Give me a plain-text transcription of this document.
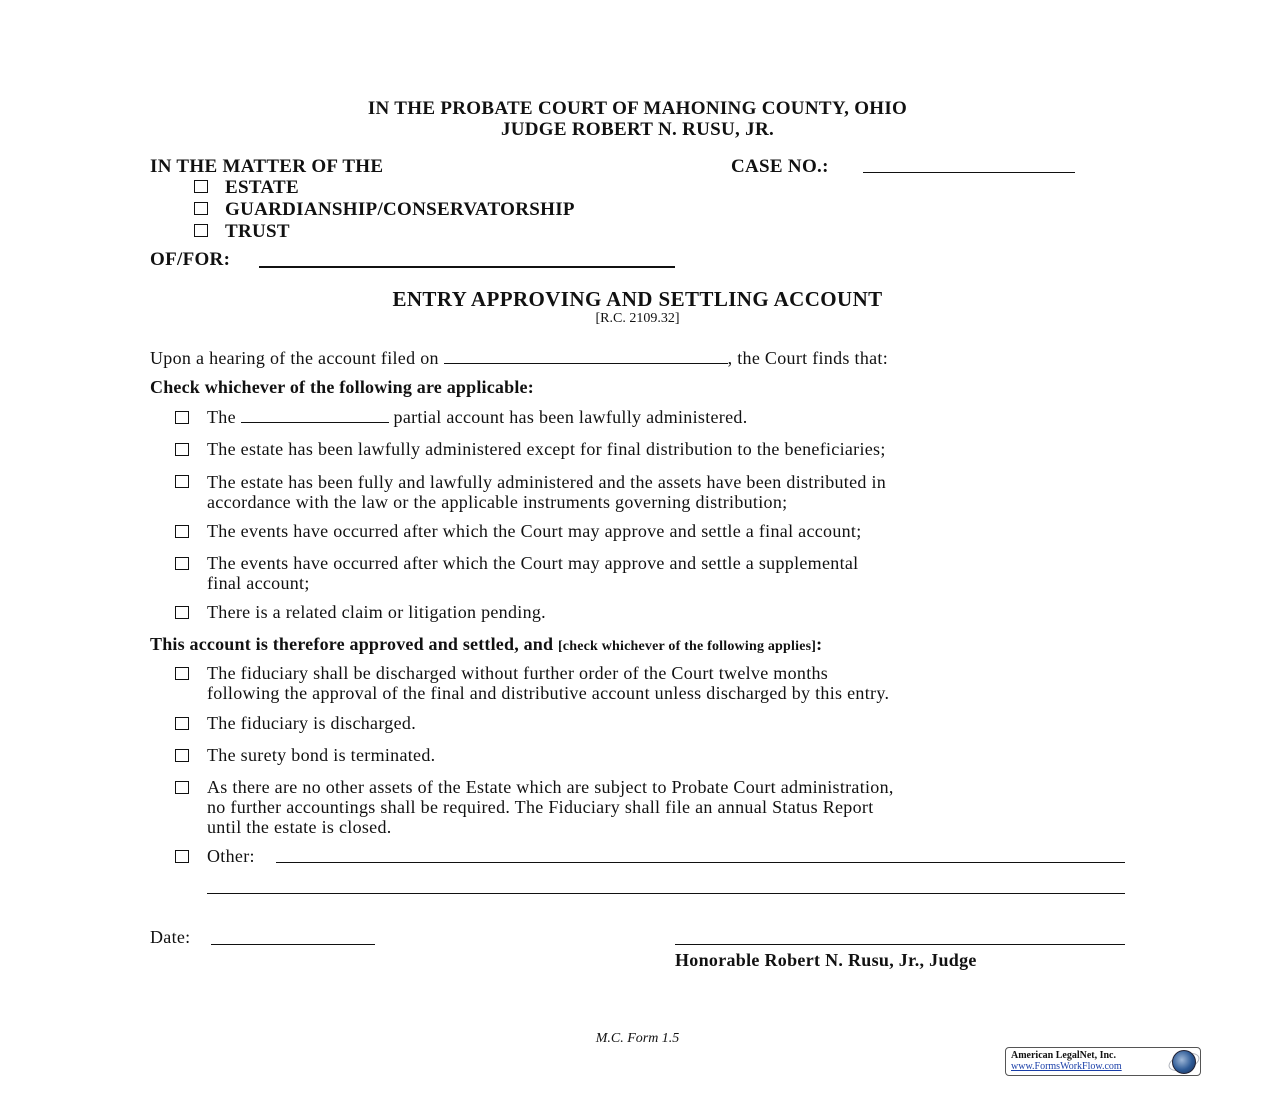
IN THE PROBATE COURT OF MAHONING COUNTY, OHIO
JUDGE ROBERT N. RUSU, JR.
IN THE MATTER OF THE	CASE NO.:
ESTATE
GUARDIANSHIP/CONSERVATORSHIP
TRUST
OF/FOR:
ENTRY APPROVING AND SETTLING ACCOUNT
[R.C. 2109.32]
Upon a hearing of the account filed on	, the Court finds that:
Check whichever of the following are applicable:
The	partial account has been lawfully administered.
The estate has been lawfully administered except for final distribution to the beneficiaries;
The estate has been fully and lawfully administered and the assets have been distributed in
accordance with the law or the applicable instruments governing distribution;
The events have occurred after which the Court may approve and settle a final account;
The events have occurred after which the Court may approve and settle a supplemental
final account;
There is a related claim or litigation pending.
This account is therefore approved and settled, and [check whichever of the following applies]:
The fiduciary shall be discharged without further order of the Court twelve months
following the approval of the final and distributive account unless discharged by this entry.
The fiduciary is discharged.
The surety bond is terminated.
As there are no other assets of the Estate which are subject to Probate Court administration,
no further accountings shall be required. The Fiduciary shall file an annual Status Report
until the estate is closed.
Other:
Date:
Honorable Robert N. Rusu, Jr., Judge
M.C. Form 1.5
American LegalNet, Inc.
www.FormsWorkFlow.com
